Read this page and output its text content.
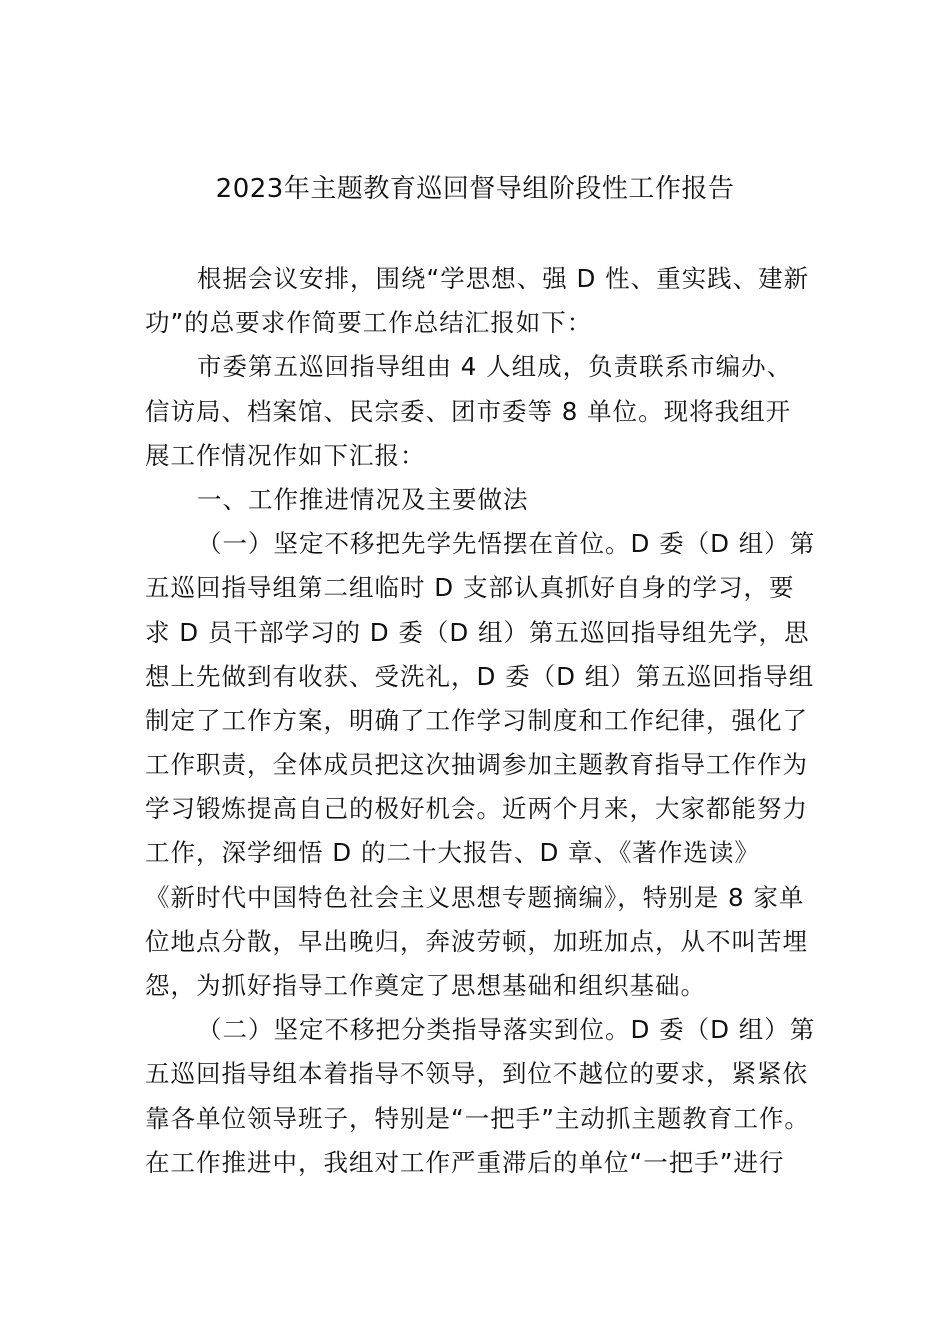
2023年主题教育巡回督导组阶段性工作报告
根据会议安排，围绕“学思想、强 D 性、重实践、建新
功”的总要求作简要工作总结汇报如下：
市委第五巡回指导组由 4 人组成，负责联系市编办、
信访局、档案馆、民宗委、团市委等 8 单位。现将我组开
展工作情况作如下汇报：
一、工作推进情况及主要做法
（一）坚定不移把先学先悟摆在首位。D 委（D 组）第
五巡回指导组第二组临时 D 支部认真抓好自身的学习，要
求 D 员干部学习的 D 委（D 组）第五巡回指导组先学，思
想上先做到有收获、受洗礼，D 委（D 组）第五巡回指导组
制定了工作方案，明确了工作学习制度和工作纪律，强化了
工作职责，全体成员把这次抽调参加主题教育指导工作作为
学习锻炼提高自己的极好机会。近两个月来，大家都能努力
工作，深学细悟 D 的二十大报告、D 章、《著作选读》
《新时代中国特色社会主义思想专题摘编》，特别是 8 家单
位地点分散，早出晚归，奔波劳顿，加班加点，从不叫苦埋
怨，为抓好指导工作奠定了思想基础和组织基础。
（二）坚定不移把分类指导落实到位。D 委（D 组）第
五巡回指导组本着指导不领导，到位不越位的要求，紧紧依
靠各单位领导班子，特别是“一把手”主动抓主题教育工作。
在工作推进中，我组对工作严重滞后的单位“一把手”进行
